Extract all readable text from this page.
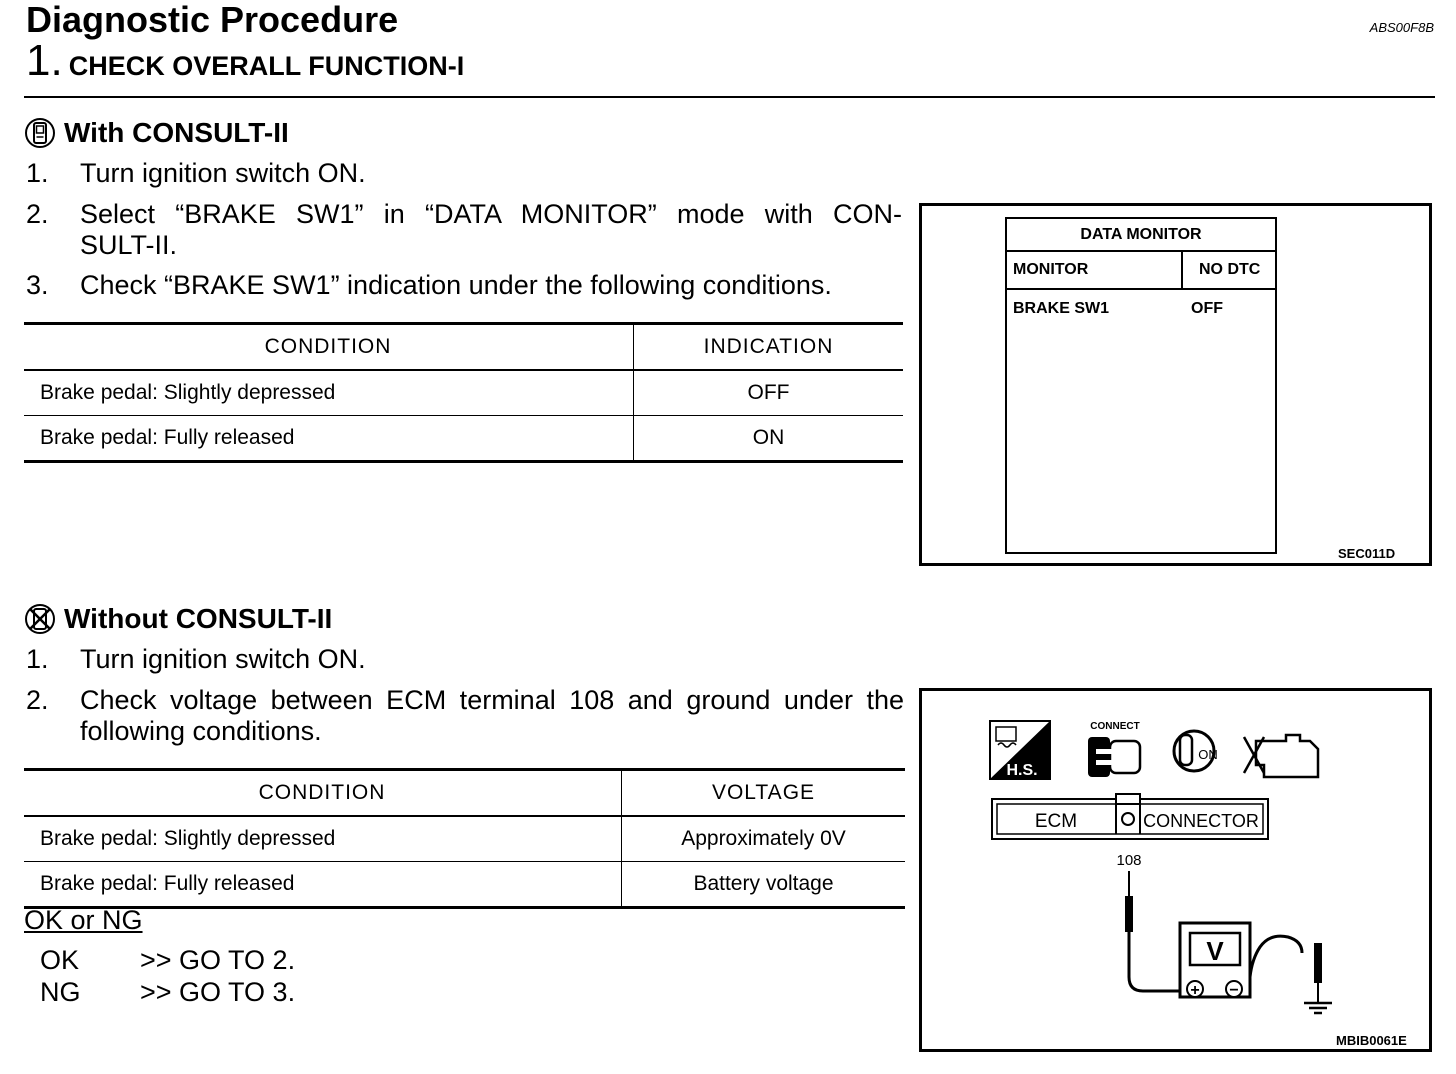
Diagnostic Procedure
1. CHECK OVERALL FUNCTION-I
ABS00F8B
With CONSULT-II
1. Turn ignition switch ON.
2. Select “BRAKE SW1” in “DATA MONITOR” mode with CON-
SULT-II.
3. Check “BRAKE SW1” indication under the following conditions.
CONDITION	INDICATION
Brake pedal: Slightly depressed	OFF
Brake pedal: Fully released	ON
DATA MONITOR
MONITOR	NO DTC
BRAKE SW1	OFF
SEC011D
Without CONSULT-II
1. Turn ignition switch ON.
2. Check voltage between ECM terminal 108 and ground under the
following conditions.
CONDITION	VOLTAGE
Brake pedal: Slightly depressed	Approximately 0V
Brake pedal: Fully released	Battery voltage
OK or NG
OK >> GO TO 2.
NG >> GO TO 3.
H.S.
CONNECT
ON
ECM	CONNECTOR
108
V
+ −
MBIB0061E
